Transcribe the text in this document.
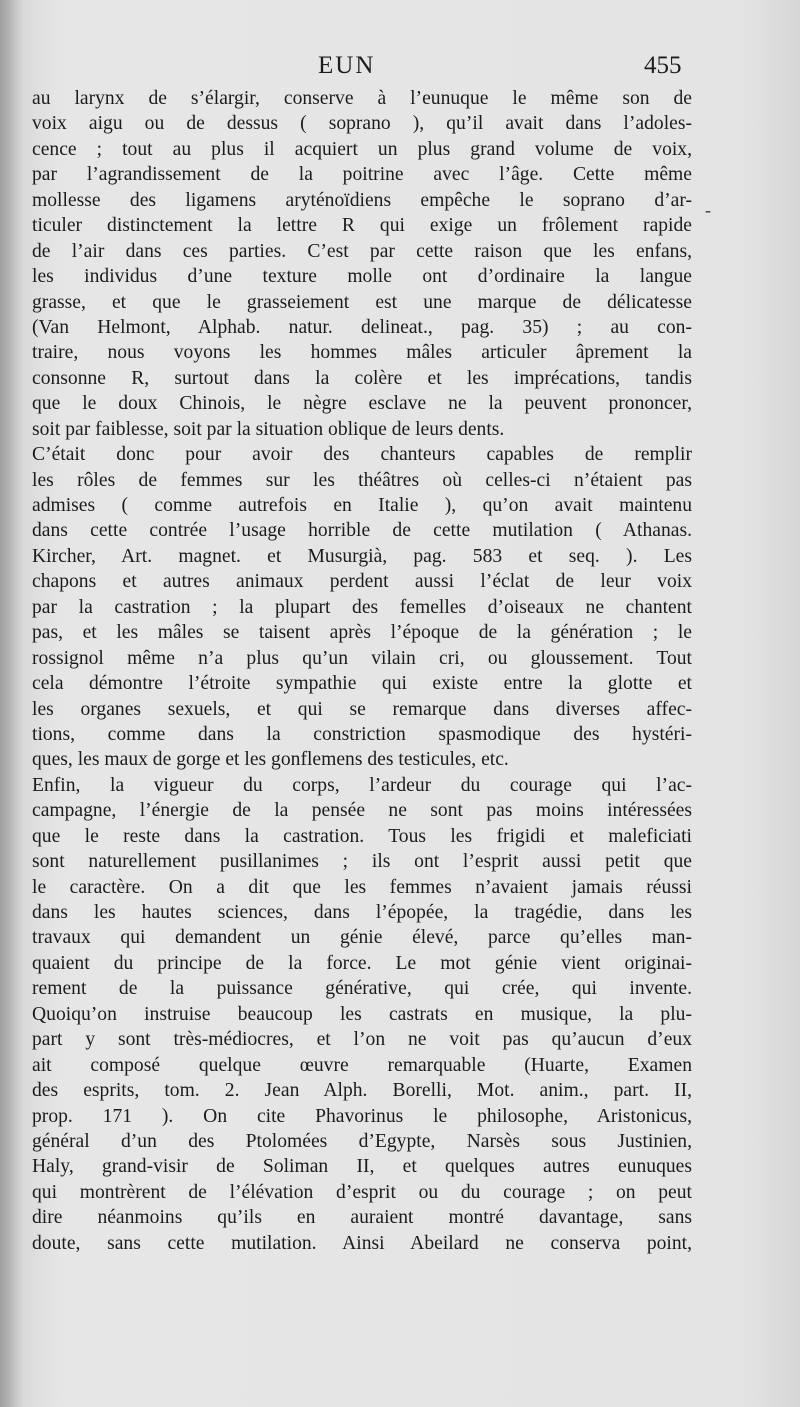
EUN	455
-
au larynx de s’élargir, conserve à l’eunuque le même son de
voix aigu ou de dessus ( soprano ), qu’il avait dans l’adoles-
cence ; tout au plus il acquiert un plus grand volume de voix,
par l’agrandissement de la poitrine avec l’âge. Cette même
mollesse des ligamens aryténoïdiens empêche le soprano d’ar-
ticuler distinctement la lettre R qui exige un frôlement rapide
de l’air dans ces parties. C’est par cette raison que les enfans,
les individus d’une texture molle ont d’ordinaire la langue
grasse, et que le grasseiement est une marque de délicatesse
(Van Helmont, Alphab. natur. delineat., pag. 35) ; au con-
traire, nous voyons les hommes mâles articuler âprement la
consonne R, surtout dans la colère et les imprécations, tandis
que le doux Chinois, le nègre esclave ne la peuvent prononcer,
soit par faiblesse, soit par la situation oblique de leurs dents.
C’était donc pour avoir des chanteurs capables de remplir
les rôles de femmes sur les théâtres où celles-ci n’étaient pas
admises ( comme autrefois en Italie ), qu’on avait maintenu
dans cette contrée l’usage horrible de cette mutilation ( Athanas.
Kircher, Art. magnet. et Musurgià, pag. 583 et seq. ). Les
chapons et autres animaux perdent aussi l’éclat de leur voix
par la castration ; la plupart des femelles d’oiseaux ne chantent
pas, et les mâles se taisent après l’époque de la génération ; le
rossignol même n’a plus qu’un vilain cri, ou gloussement. Tout
cela démontre l’étroite sympathie qui existe entre la glotte et
les organes sexuels, et qui se remarque dans diverses affec-
tions, comme dans la constriction spasmodique des hystéri-
ques, les maux de gorge et les gonflemens des testicules, etc.
Enfin, la vigueur du corps, l’ardeur du courage qui l’ac-
campagne, l’énergie de la pensée ne sont pas moins intéressées
que le reste dans la castration. Tous les frigidi et maleficiati
sont naturellement pusillanimes ; ils ont l’esprit aussi petit que
le caractère. On a dit que les femmes n’avaient jamais réussi
dans les hautes sciences, dans l’épopée, la tragédie, dans les
travaux qui demandent un génie élevé, parce qu’elles man-
quaient du principe de la force. Le mot génie vient originai-
rement de la puissance générative, qui crée, qui invente.
Quoiqu’on instruise beaucoup les castrats en musique, la plu-
part y sont très-médiocres, et l’on ne voit pas qu’aucun d’eux
ait composé quelque œuvre remarquable (Huarte, Examen
des esprits, tom. 2. Jean Alph. Borelli, Mot. anim., part. II,
prop. 171 ). On cite Phavorinus le philosophe, Aristonicus,
général d’un des Ptolomées d’Egypte, Narsès sous Justinien,
Haly, grand-visir de Soliman II, et quelques autres eunuques
qui montrèrent de l’élévation d’esprit ou du courage ; on peut
dire néanmoins qu’ils en auraient montré davantage, sans
doute, sans cette mutilation. Ainsi Abeilard ne conserva point,
